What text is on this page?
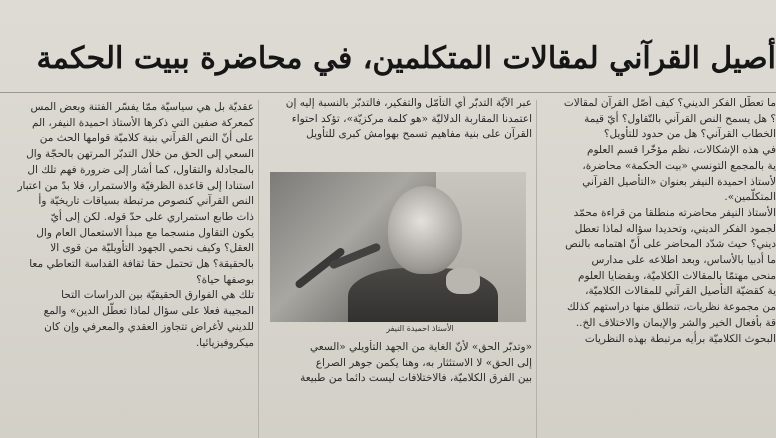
أصيل القرآني لمقالات المتكلمين، في محاضرة ببيت الحكمة

ما تعطّل الفكر الديني؟ كيف أصّل القرآن لمقالات

؟ هل يسمح النص القرآني بالتّقاول؟ أيّ قيمة

الخطاب القرآني؟ هل من حدود للتأويل؟

في هذه الإشكالات، نظم مؤخّرا قسم العلوم

ية بالمجمع التونسي «بيت الحكمة» محاضرة،

لأستاذ احميدة النيفر بعنوان «التأصيل القرآني

المتكلّمين».

الأستاذ النيفر محاضرته منطلقا من قراءة محمّد

لجمود الفكر الديني، وتحديدا سؤاله لماذا تعطل

ديني؟ حيث شدّد المحاضر على أنّ اهتمامه بالنص

ما أدبيا بالأساس، وبعد اطلاعه على مدارس

منحى مهتمّا بالمقالات الكلاميّة، وبقضايا العلوم

ية كقضيّة التأصيل القرآني للمقالات الكلاميّة،

من مجموعة نظريات، تنطلق منها دراستهم كذلك

قة بأفعال الخير والشر والإيمان والاختلاف الخ..

البحوث الكلاميّة برأيه مرتبطة بهذه النظريات

عبر الآيّة التدبّر أي التأمّل والتفكير، فالتدبّر بالنسبة إليه إن

اعتمدنا المقاربة الدلاليّة «هو كلمة مركزيّة»، تؤكد احتواء

القرآن على بنية مفاهيم تسمح بهوامش كبرى للتأويل

الأستاذ احميدة النيفر

«وتدبّر الحق» لأنّ الغاية من الجهد التأويلي «السعي

إلى الحق» لا الاستئثار به، وهنا يكمن جوهر الصراع

بين الفرق الكلاميّة، فالاختلافات ليست دائما من طبيعة

عقديّة بل هي سياسيّة ممّا يفسّر الفتنة وبعض المس

كمعركة صفين التي ذكرها الأستاذ احميدة النيفر، الم

على أنّ النص القرآني بنية كلاميّة قوامها الحث من

السعي إلى الحق من خلال التدبّر المرتهن بالحجّة وال

بالمجادلة والتقاول، كما أشار إلى ضرورة فهم تلك ال

استنادا إلى قاعدة الظرفيّة والاستمرار، فلا بدّ من اعتبار

النص القرآني كنصوص مرتبطة بسياقات تاريخيّة وأ

ذات طابع استمراري على حدّ قوله. لكن إلى أيّ

يكون التقاول منسجما مع مبدأ الاستعمال العام وال

العقل؟ وكيف نحمي الجهود التأويليّة من قوى الا

بالحقيقة؟ هل تحتمل حقا ثقافة القداسة التعاطي معا

بوصفها حياة؟

تلك هي الفوارق الحقيقيّة بين الدراسات التحا

المجيبة فعلا على سؤال لماذا تعطّل الدين» والمع

للديني لأغراض تتجاوز العقدي والمعرفي وإن كان

ميكروفيزيائيا.
